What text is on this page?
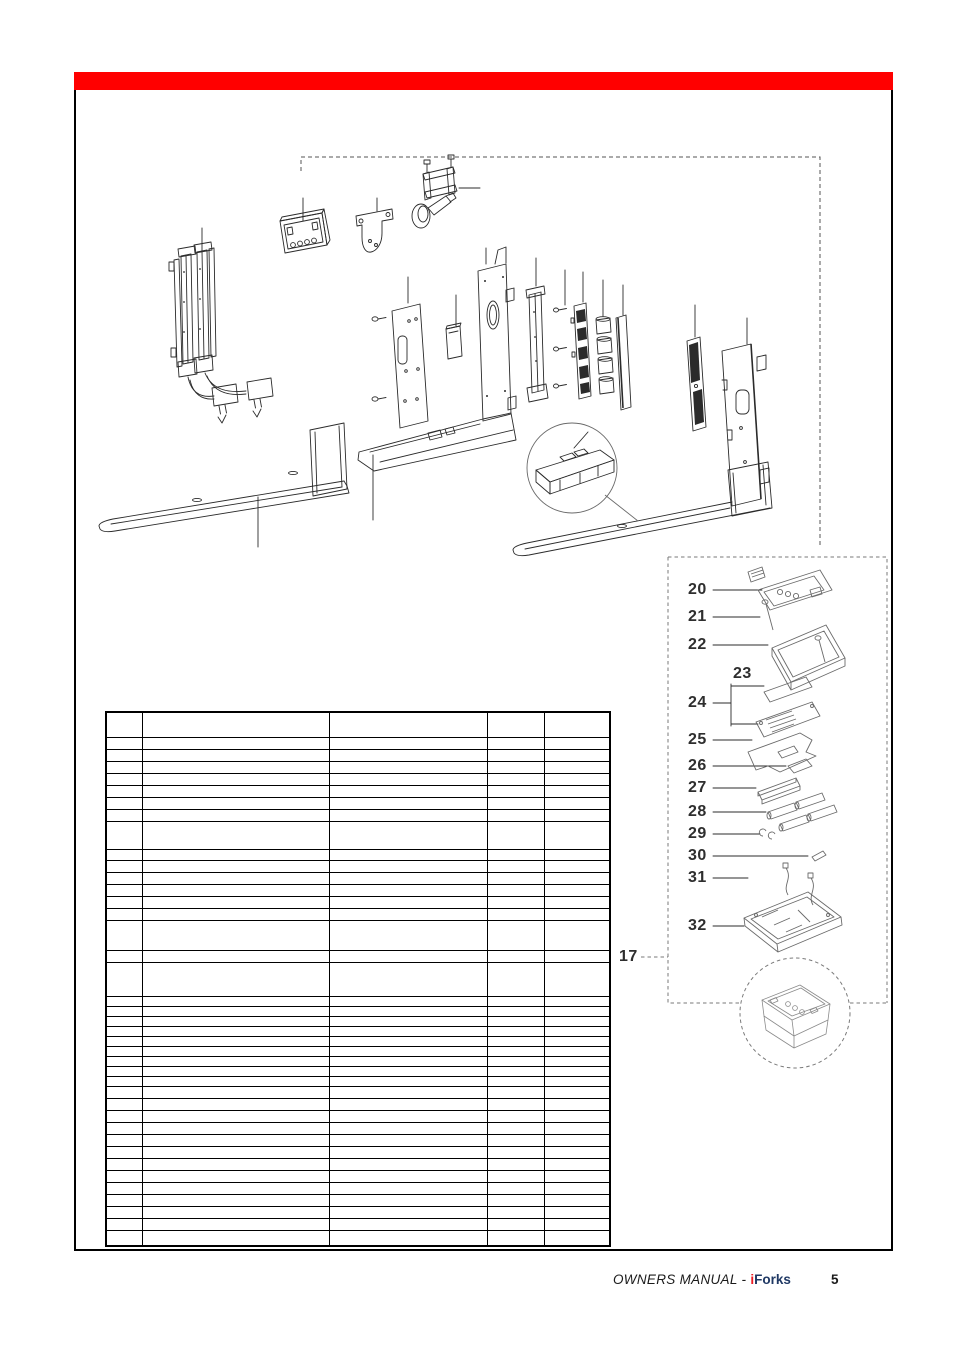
20
21
22
23
24
25
26
27
28
29
30
31
32
17
OWNERS MANUAL - iForks	5
